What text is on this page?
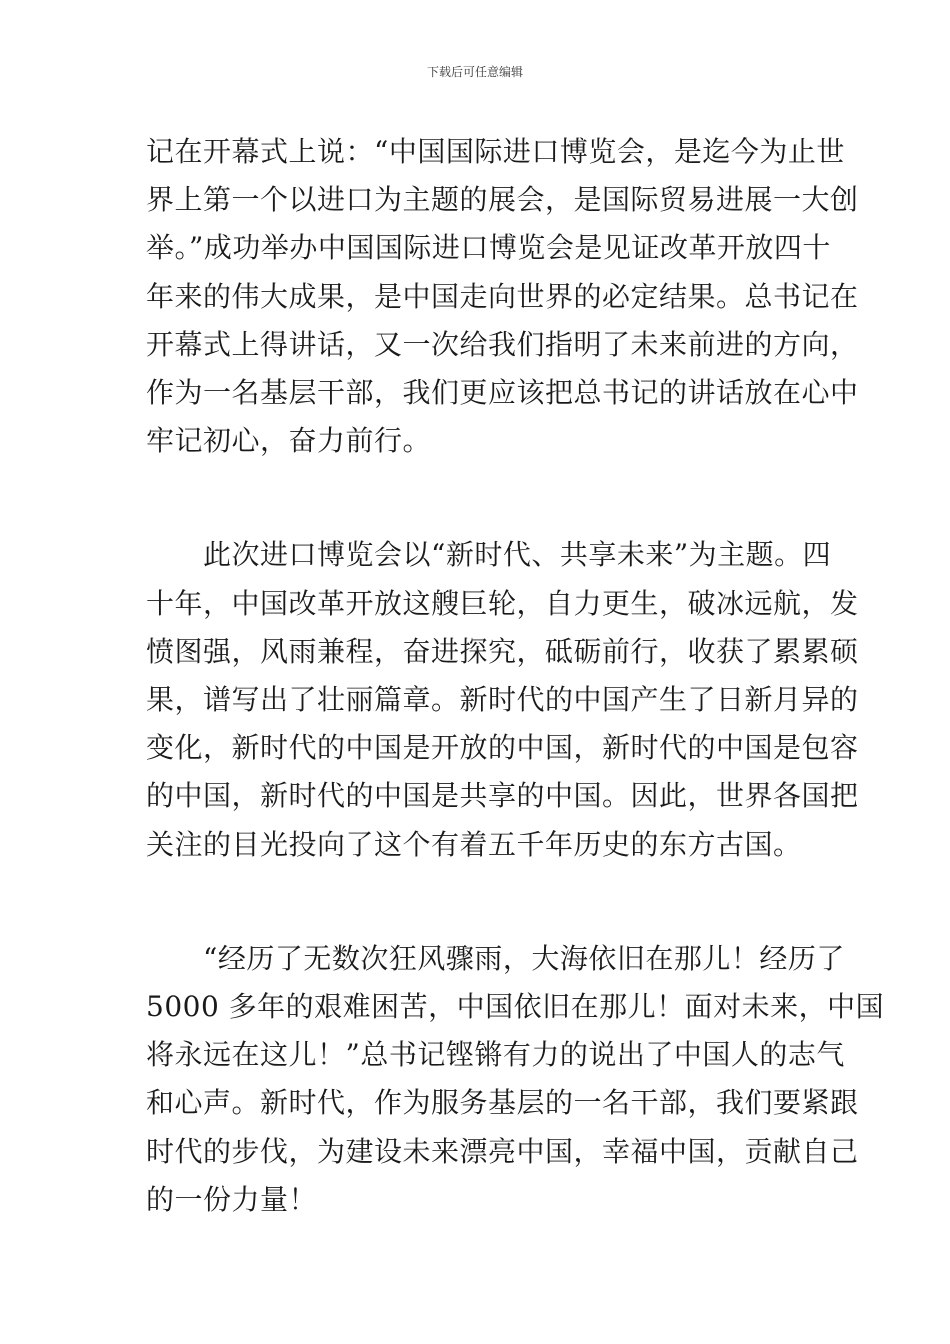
下载后可任意编辑

记在开幕式上说：“中国国际进口博览会，是迄今为止世
界上第一个以进口为主题的展会，是国际贸易进展一大创
举。”成功举办中国国际进口博览会是见证改革开放四十
年来的伟大成果，是中国走向世界的必定结果。总书记在
开幕式上得讲话，又一次给我们指明了未来前进的方向，
作为一名基层干部，我们更应该把总书记的讲话放在心中
牢记初心，奋力前行。

　　此次进口博览会以“新时代、共享未来”为主题。四
十年，中国改革开放这艘巨轮，自力更生，破冰远航，发
愤图强，风雨兼程，奋进探究，砥砺前行，收获了累累硕
果，谱写出了壮丽篇章。新时代的中国产生了日新月异的
变化，新时代的中国是开放的中国，新时代的中国是包容
的中国，新时代的中国是共享的中国。因此，世界各国把
关注的目光投向了这个有着五千年历史的东方古国。

　　“经历了无数次狂风骤雨，大海依旧在那儿！经历了
5000 多年的艰难困苦，中国依旧在那儿！面对未来，中国
将永远在这儿！”总书记铿锵有力的说出了中国人的志气
和心声。新时代，作为服务基层的一名干部，我们要紧跟
时代的步伐，为建设未来漂亮中国，幸福中国，贡献自己
的一份力量！
